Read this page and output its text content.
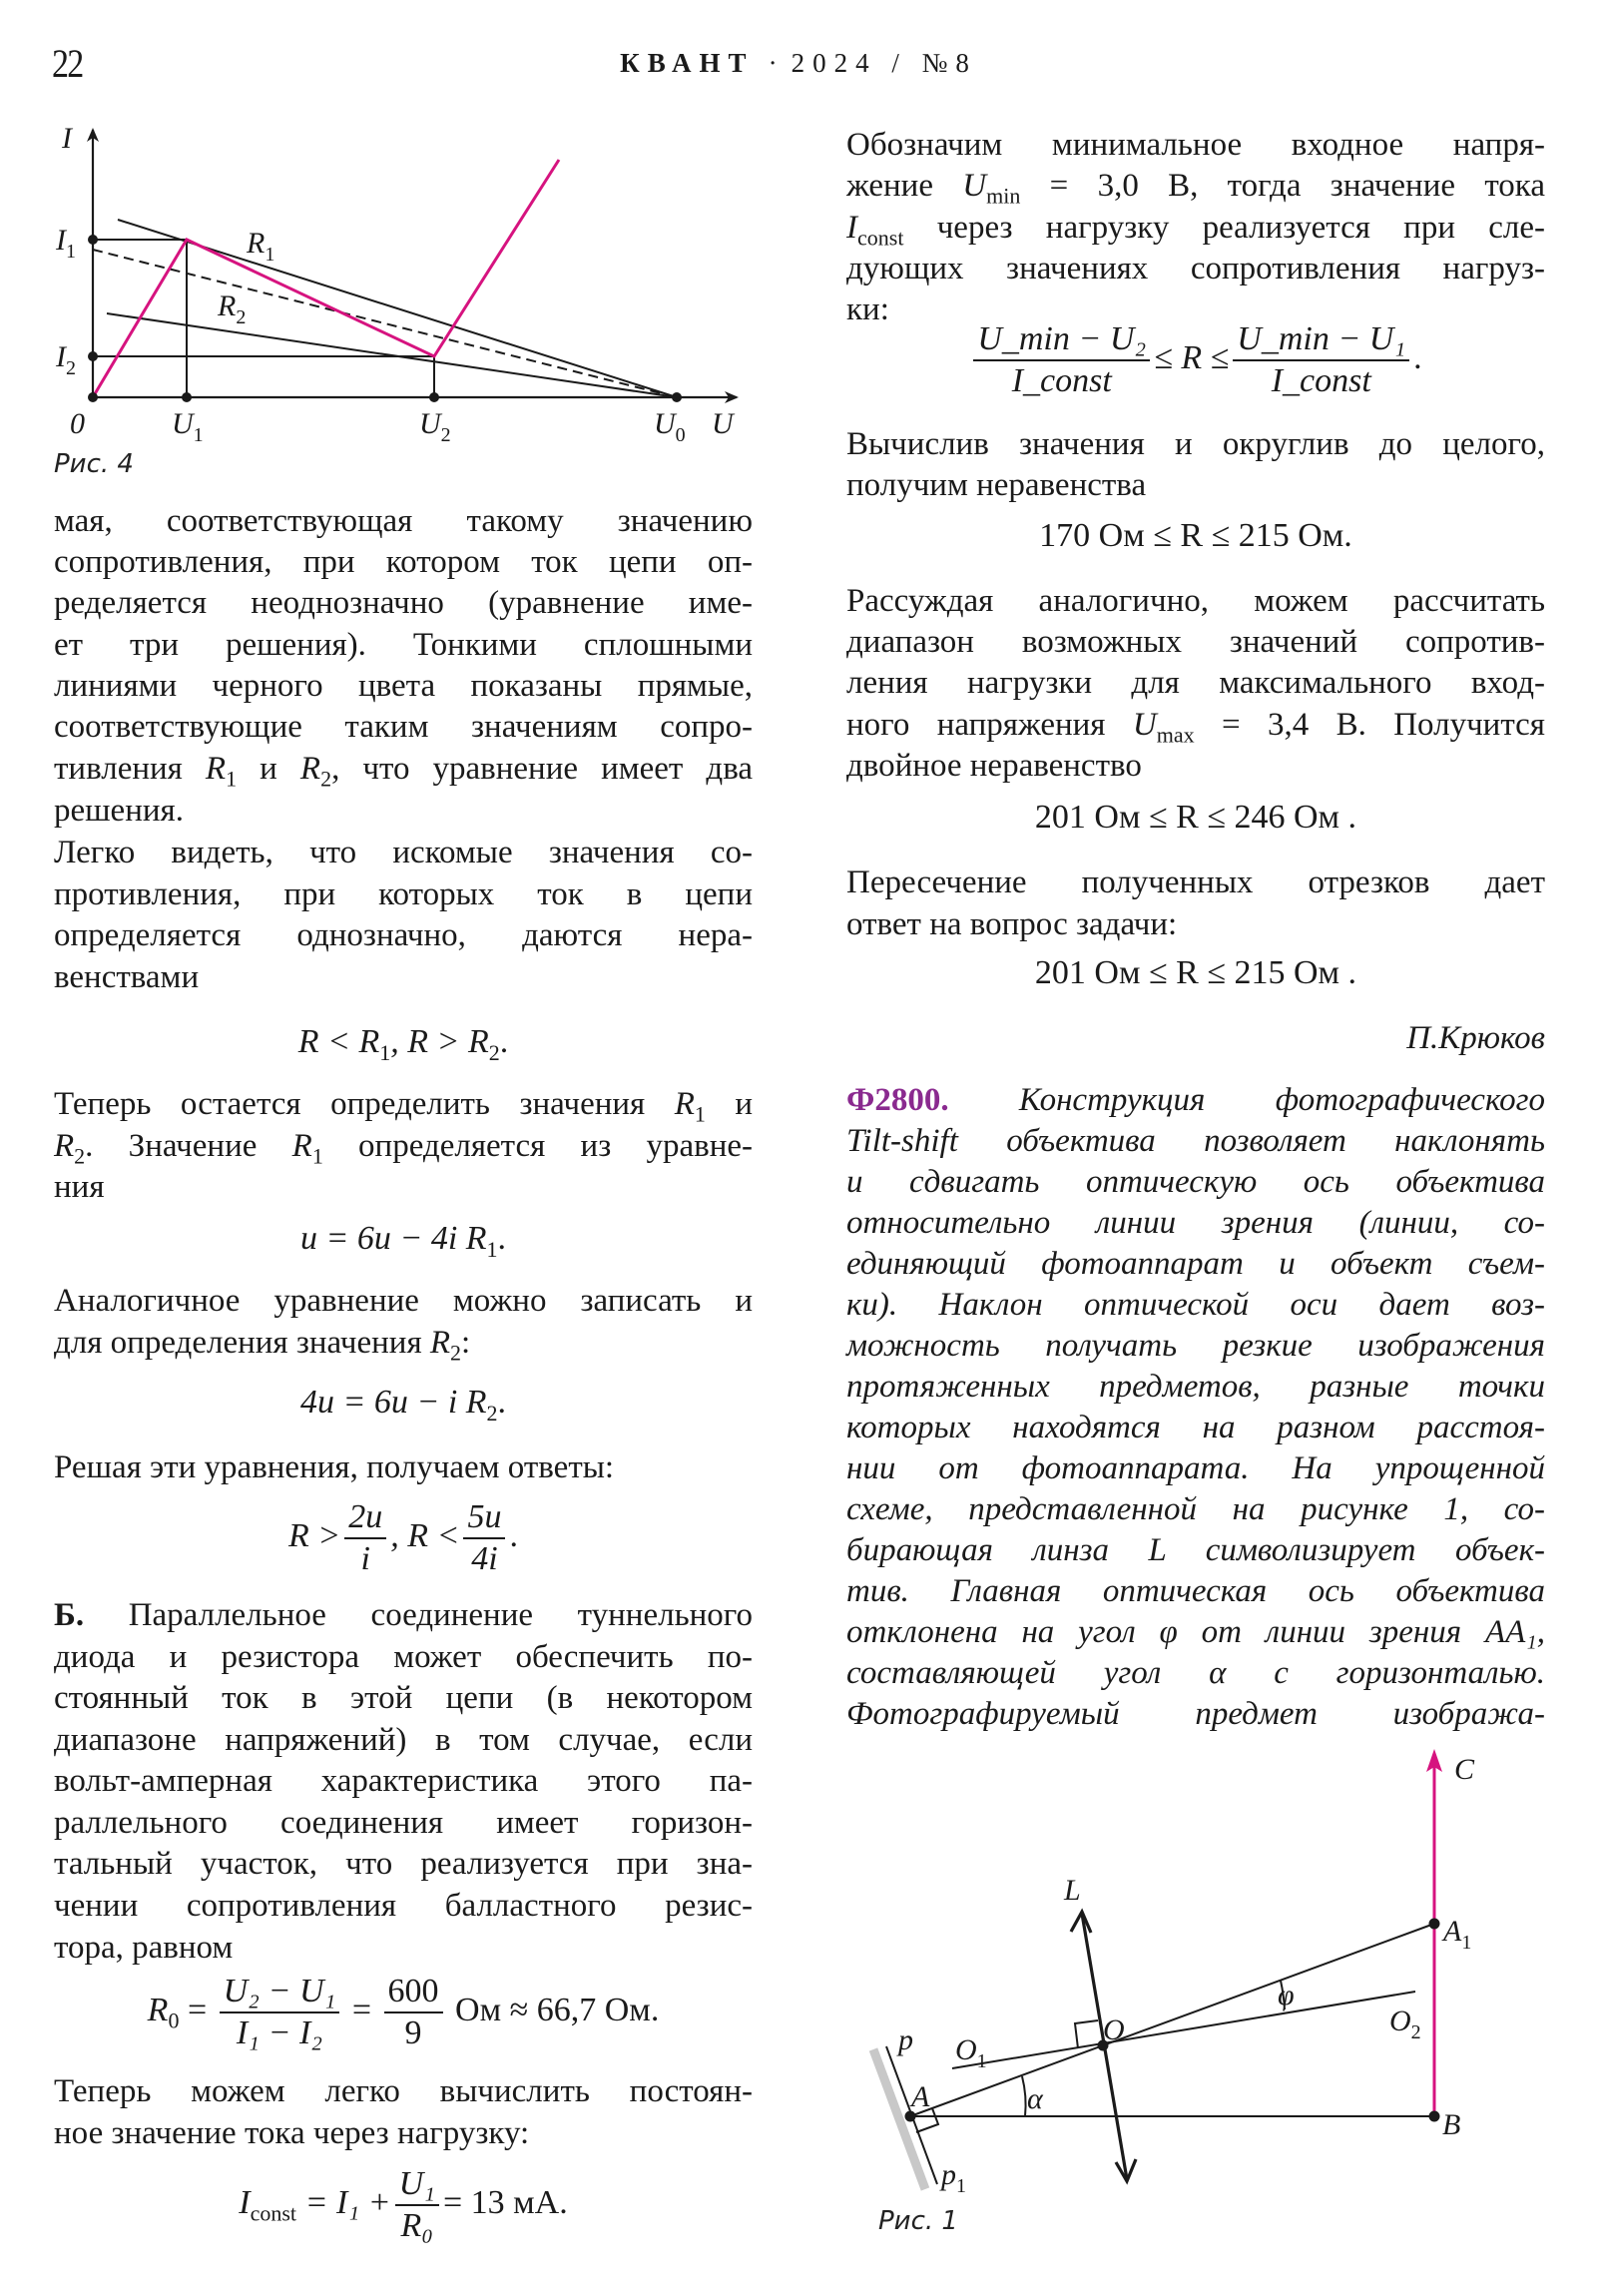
22	КВАНТ · 2024 / №8
I
$I_1$
$I_2$
0	$U_1$	$U_2$	$U_0$ U
$R_1$
$R_2$
Рис. 4
мая, соответствующая такому значению
сопротивления, при котором ток цепи оп-
ределяется неоднозначно (уравнение име-
ет три решения). Тонкими сплошными
линиями черного цвета показаны прямые,
соответствующие таким значениям сопро-
тивления $R_1$ и $R_2$, что уравнение имеет два
решения.
Легко видеть, что искомые значения со-
противления, при которых ток в цепи
определяется однозначно, даются нера-
венствами
$R < R_1$, $R > R_2$.
Теперь остается определить значения $R_1$ и
$R_2$. Значение $R_1$ определяется из уравне-
ния
u = 6u − 4i $R_1$.
Аналогичное уравнение можно записать и
для определения значения $R_2$:
4u = 6u − i $R_2$.
Решая эти уравнения, получаем ответы:
$R > \frac{2u}{i}$ , $R < \frac{5u}{4i}$ .
Б. Параллельное соединение туннельного
диода и резистора может обеспечить по-
стоянный ток в этой цепи (в некотором
диапазоне напряжений) в том случае, если
вольт-амперная характеристика этого па-
раллельного соединения имеет горизон-
тальный участок, что реализуется при зна-
чении сопротивления балластного резис-
тора, равном
$R_0 = \frac{\text{U₂ − U₁}}{\text{I₁ − I₂}} = \frac{600}{9}$ Ом ≈ 66,7 Ом.
Теперь можем легко вычислить постоян-
ное значение тока через нагрузку:
$I_{const} = I_1 + \frac{\text{U₁}}{\text{R₀}} = 13$ мА.
Обозначим минимальное входное напря-
жение $U_{min} = 3,0$ В, тогда значение тока
$I_{const}$ через нагрузку реализуется при сле-
дующих значениях сопротивления нагруз-
ки:
$\frac{\text{U\_min − U₂}}{\text{I\_const}} \le R \le \frac{\text{U\_min − U₁}}{\text{I\_const}}$ .
Вычислив значения и округлив до целого,
получим неравенства
170 Ом ≤ R ≤ 215 Ом.
Рассуждая аналогично, можем рассчитать
диапазон возможных значений сопротив-
ления нагрузки для максимального вход-
ного напряжения $U_{max} = 3,4$ В. Получится
двойное неравенство
201 Ом ≤ R ≤ 246 Ом .
Пересечение полученных отрезков дает
ответ на вопрос задачи:
201 Ом ≤ R ≤ 215 Ом .
П.Крюков
Ф2800. Конструкция фотографического
Tilt-shift объектива позволяет наклонять
и сдвигать оптическую ось объектива
относительно линии зрения (линии, со-
единяющий фотоаппарат и объект съем-
ки). Наклон оптической оси дает воз-
можность получать резкие изображения
протяженных предметов, разные точки
которых находятся на разном расстоя-
нии от фотоаппарата. На упрощенной
схеме, представленной на рисунке 1, со-
бирающая линза L символизирует объек-
тив. Главная оптическая ось объектива
отклонена на угол φ от линии зрения AA₁,
составляющей угол α с горизонталью.
Фотографируемый предмет изобража-
C
L
$A_1$
φ
O	$O_2$
$O_1$
p
A	α
B
$p_1$
Рис. 1
